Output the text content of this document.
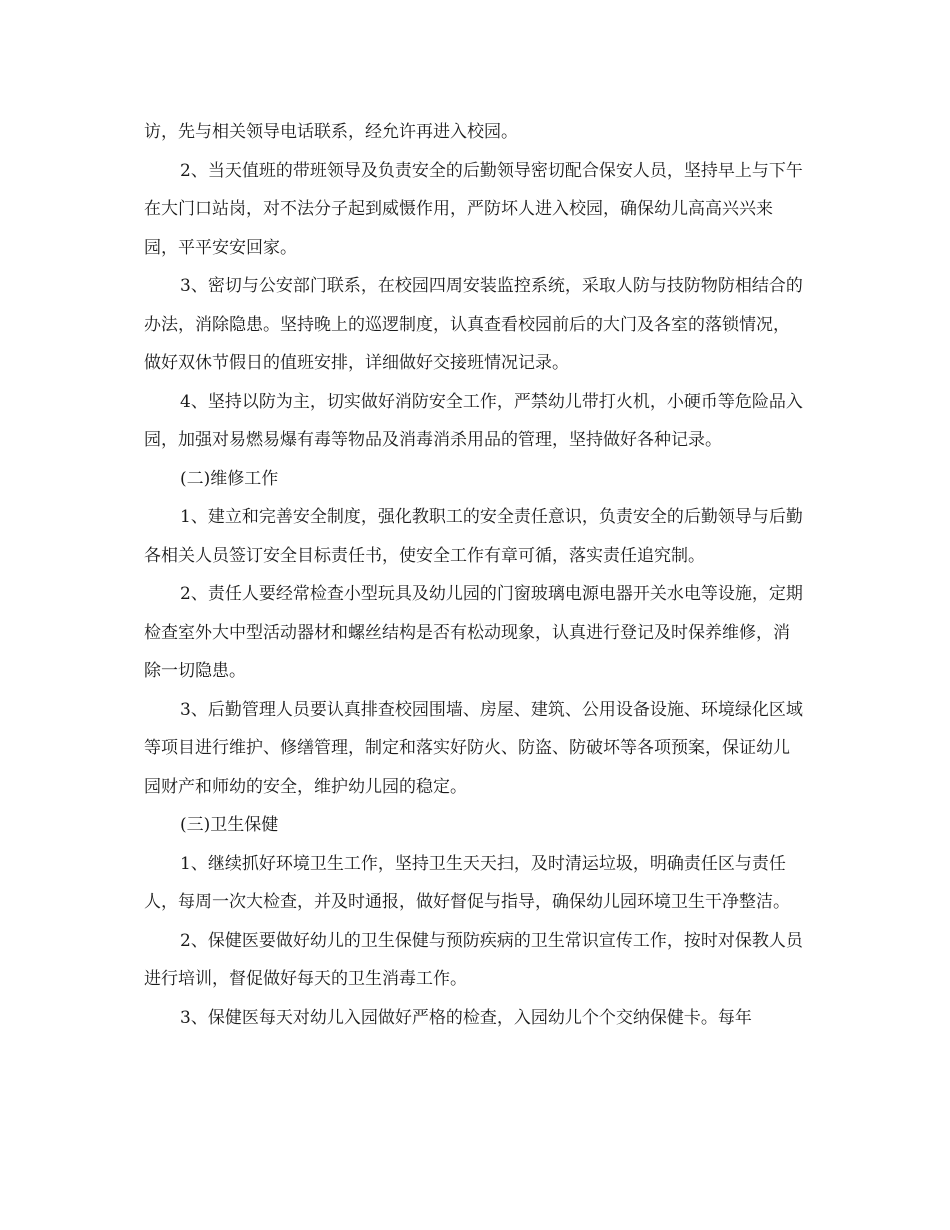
访，先与相关领导电话联系，经允许再进入校园。

2、当天值班的带班领导及负责安全的后勤领导密切配合保安人员，坚持早上与下午在大门口站岗，对不法分子起到威慑作用，严防坏人进入校园，确保幼儿高高兴兴来园，平平安安回家。

3、密切与公安部门联系，在校园四周安装监控系统，采取人防与技防物防相结合的办法，消除隐患。坚持晚上的巡逻制度，认真查看校园前后的大门及各室的落锁情况，做好双休节假日的值班安排，详细做好交接班情况记录。

4、坚持以防为主，切实做好消防安全工作，严禁幼儿带打火机，小硬币等危险品入园，加强对易燃易爆有毒等物品及消毒消杀用品的管理，坚持做好各种记录。

(二)维修工作

1、建立和完善安全制度，强化教职工的安全责任意识，负责安全的后勤领导与后勤各相关人员签订安全目标责任书，使安全工作有章可循，落实责任追究制。

2、责任人要经常检查小型玩具及幼儿园的门窗玻璃电源电器开关水电等设施，定期检查室外大中型活动器材和螺丝结构是否有松动现象，认真进行登记及时保养维修，消除一切隐患。

3、后勤管理人员要认真排查校园围墙、房屋、建筑、公用设备设施、环境绿化区域等项目进行维护、修缮管理，制定和落实好防火、防盗、防破坏等各项预案，保证幼儿园财产和师幼的安全，维护幼儿园的稳定。

(三)卫生保健

1、继续抓好环境卫生工作，坚持卫生天天扫，及时清运垃圾，明确责任区与责任人，每周一次大检查，并及时通报，做好督促与指导，确保幼儿园环境卫生干净整洁。

2、保健医要做好幼儿的卫生保健与预防疾病的卫生常识宣传工作，按时对保教人员进行培训，督促做好每天的卫生消毒工作。

3、保健医每天对幼儿入园做好严格的检查，入园幼儿个个交纳保健卡。每年
